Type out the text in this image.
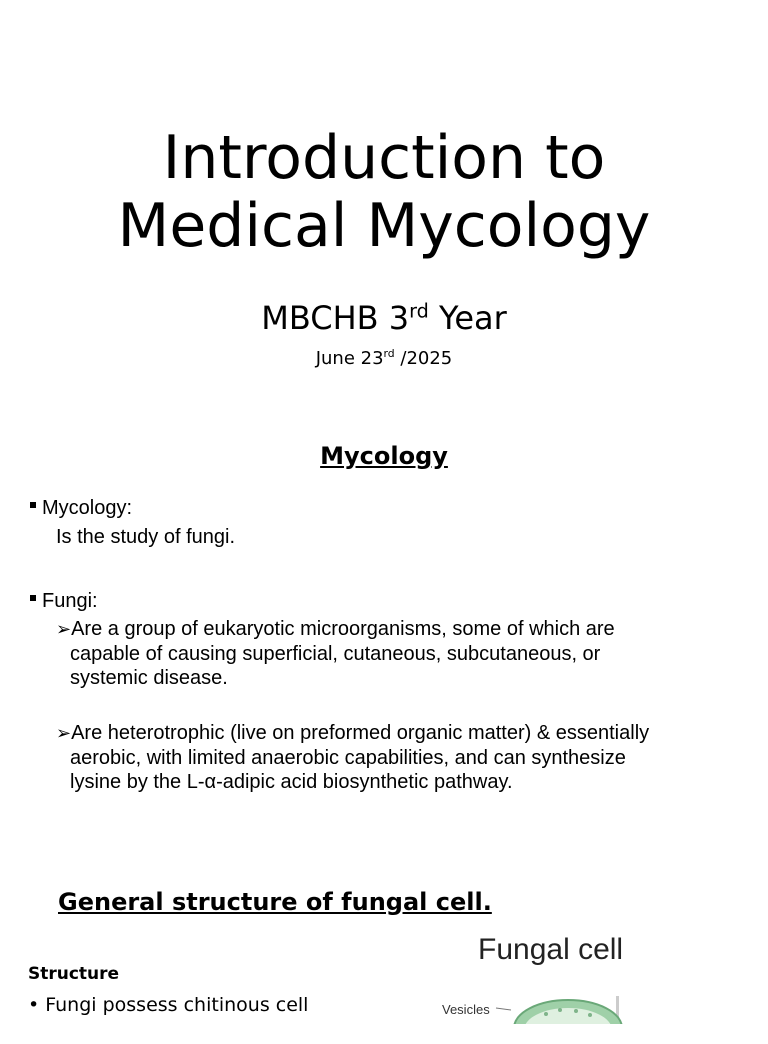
Introduction to
Medical Mycology
MBCHB 3rd Year
June 23rd /2025
Mycology
Mycology:
Is the study of fungi.
Fungi:
➢Are a group of eukaryotic microorganisms, some of which are
capable of causing superficial, cutaneous, subcutaneous, or
systemic disease.
➢Are heterotrophic (live on preformed organic matter) & essentially
aerobic, with limited anaerobic capabilities, and can synthesize
lysine by the L-α-adipic acid biosynthetic pathway.
General structure of fungal cell.
Structure
• Fungi possess chitinous cell
Fungal cell
Vesicles
